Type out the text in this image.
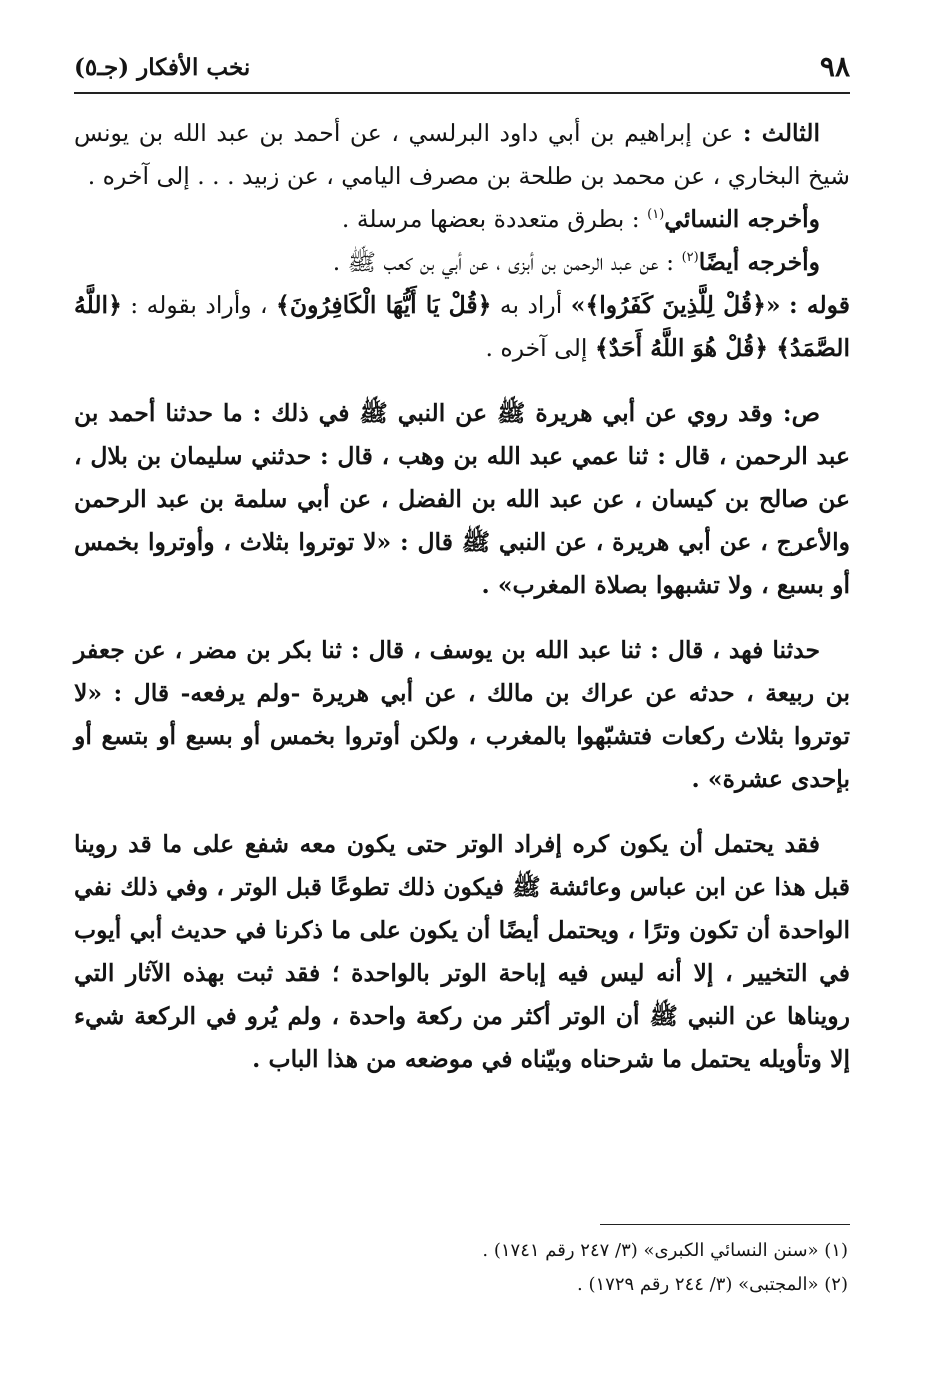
٩٨
نخب الأفكار (جـ٥)

الثالث : عن إبراهيم بن أبي داود البرلسي ، عن أحمد بن عبد الله بن يونس شيخ البخاري ، عن محمد بن طلحة بن مصرف اليامي ، عن زبيد . . . إلى آخره .

وأخرجه النسائي$^{(١)}$ : بطرق متعددة بعضها مرسلة .

وأخرجه أيضًا$^{(٢)}$ : عن عبد الرحمن بن أبزى ، عن أبي بن كعب ﷺ .

قوله : «﴿قُلْ لِلَّذِينَ كَفَرُوا﴾» أراد به ﴿قُلْ يَا أَيُّهَا الْكَافِرُونَ﴾ ، وأراد بقوله : ﴿اللَّهُ الصَّمَدُ﴾ ﴿قُلْ هُوَ اللَّهُ أَحَدٌ﴾ إلى آخره .

ص: وقد روي عن أبي هريرة ﷺ عن النبي ﷺ في ذلك : ما حدثنا أحمد بن عبد الرحمن ، قال : ثنا عمي عبد الله بن وهب ، قال : حدثني سليمان بن بلال ، عن صالح بن كيسان ، عن عبد الله بن الفضل ، عن أبي سلمة بن عبد الرحمن والأعرج ، عن أبي هريرة ، عن النبي ﷺ قال : «لا توتروا بثلاث ، وأوتروا بخمس أو بسبع ، ولا تشبهوا بصلاة المغرب» .

حدثنا فهد ، قال : ثنا عبد الله بن يوسف ، قال : ثنا بكر بن مضر ، عن جعفر بن ربيعة ، حدثه عن عراك بن مالك ، عن أبي هريرة -ولم يرفعه- قال : «لا توتروا بثلاث ركعات فتشبّهوا بالمغرب ، ولكن أوتروا بخمس أو بسبع أو بتسع أو بإحدى عشرة» .

فقد يحتمل أن يكون كره إفراد الوتر حتى يكون معه شفع على ما قد روينا قبل هذا عن ابن عباس وعائشة ﷺ فيكون ذلك تطوعًا قبل الوتر ، وفي ذلك نفي الواحدة أن تكون وترًا ، ويحتمل أيضًا أن يكون على ما ذكرنا في حديث أبي أيوب في التخيير ، إلا أنه ليس فيه إباحة الوتر بالواحدة ؛ فقد ثبت بهذه الآثار التي رويناها عن النبي ﷺ أن الوتر أكثر من ركعة واحدة ، ولم يُرو في الركعة شيء إلا وتأويله يحتمل ما شرحناه وبيّناه في موضعه من هذا الباب .

(١) «سنن النسائي الكبرى» (٣/ ٢٤٧ رقم ١٧٤١) .

(٢) «المجتبى» (٣/ ٢٤٤ رقم ١٧٢٩) .
